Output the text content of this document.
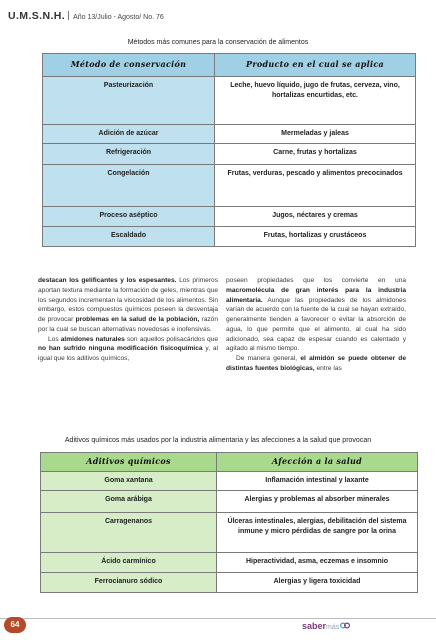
U.M.S.N.H. Año 13/Julio - Agosto/ No. 76
Métodos más comunes para la conservación de alimentos
Método de conservación	Producto en el cual se aplica
Pasteurización	Leche, huevo líquido, jugo de frutas, cerveza, vino, hortalizas encurtidas, etc.
Adición de azúcar	Mermeladas y jaleas
Refrigeración	Carne, frutas y hortalizas
Congelación	Frutas, verduras, pescado y alimentos precocinados
Proceso aséptico	Jugos, néctares y cremas
Escaldado	Frutas, hortalizas y crustáceos

destacan los gelificantes y los espesantes. Los primeros aportan textura mediante la formación de geles, mientras que los segundos incrementan la viscosidad de los alimentos. Sin embargo, estos compuestos químicos poseen la desventaja de provocar problemas en la salud de la población, razón por la cual se buscan alternativas novedosas e inofensivas.

Los almidones naturales son aquellos polisacáridos que no han sufrido ninguna modificación fisicoquímica y, al igual que los aditivos químicos,

poseen propiedades que los convierte en una macromolécula de gran interés para la industria alimentaria. Aunque las propiedades de los almidones varían de acuerdo con la fuente de la cual se hayan extraído, generalmente tienden a favorecer o evitar la absorción de agua, lo que permite que el alimento, al cual ha sido adicionado, sea capaz de espesar cuando es calentado y agitado al mismo tiempo.

De manera general, el almidón se puede obtener de distintas fuentes biológicas, entre las

Aditivos químicos más usados por la industria alimentaria y las afecciones a la salud que provocan
Aditivos químicos	Afección a la salud
Goma xantana	Inflamación intestinal y laxante
Goma arábiga	Alergias y problemas al absorber minerales
Carragenanos	Úlceras intestinales, alergias, debilitación del sistema inmune y micro pérdidas de sangre por la orina
Ácido carmínico	Hiperactividad, asma, eczemas e insomnio
Ferrocianuro sódico	Alergias y ligera toxicidad
64	sabermás
